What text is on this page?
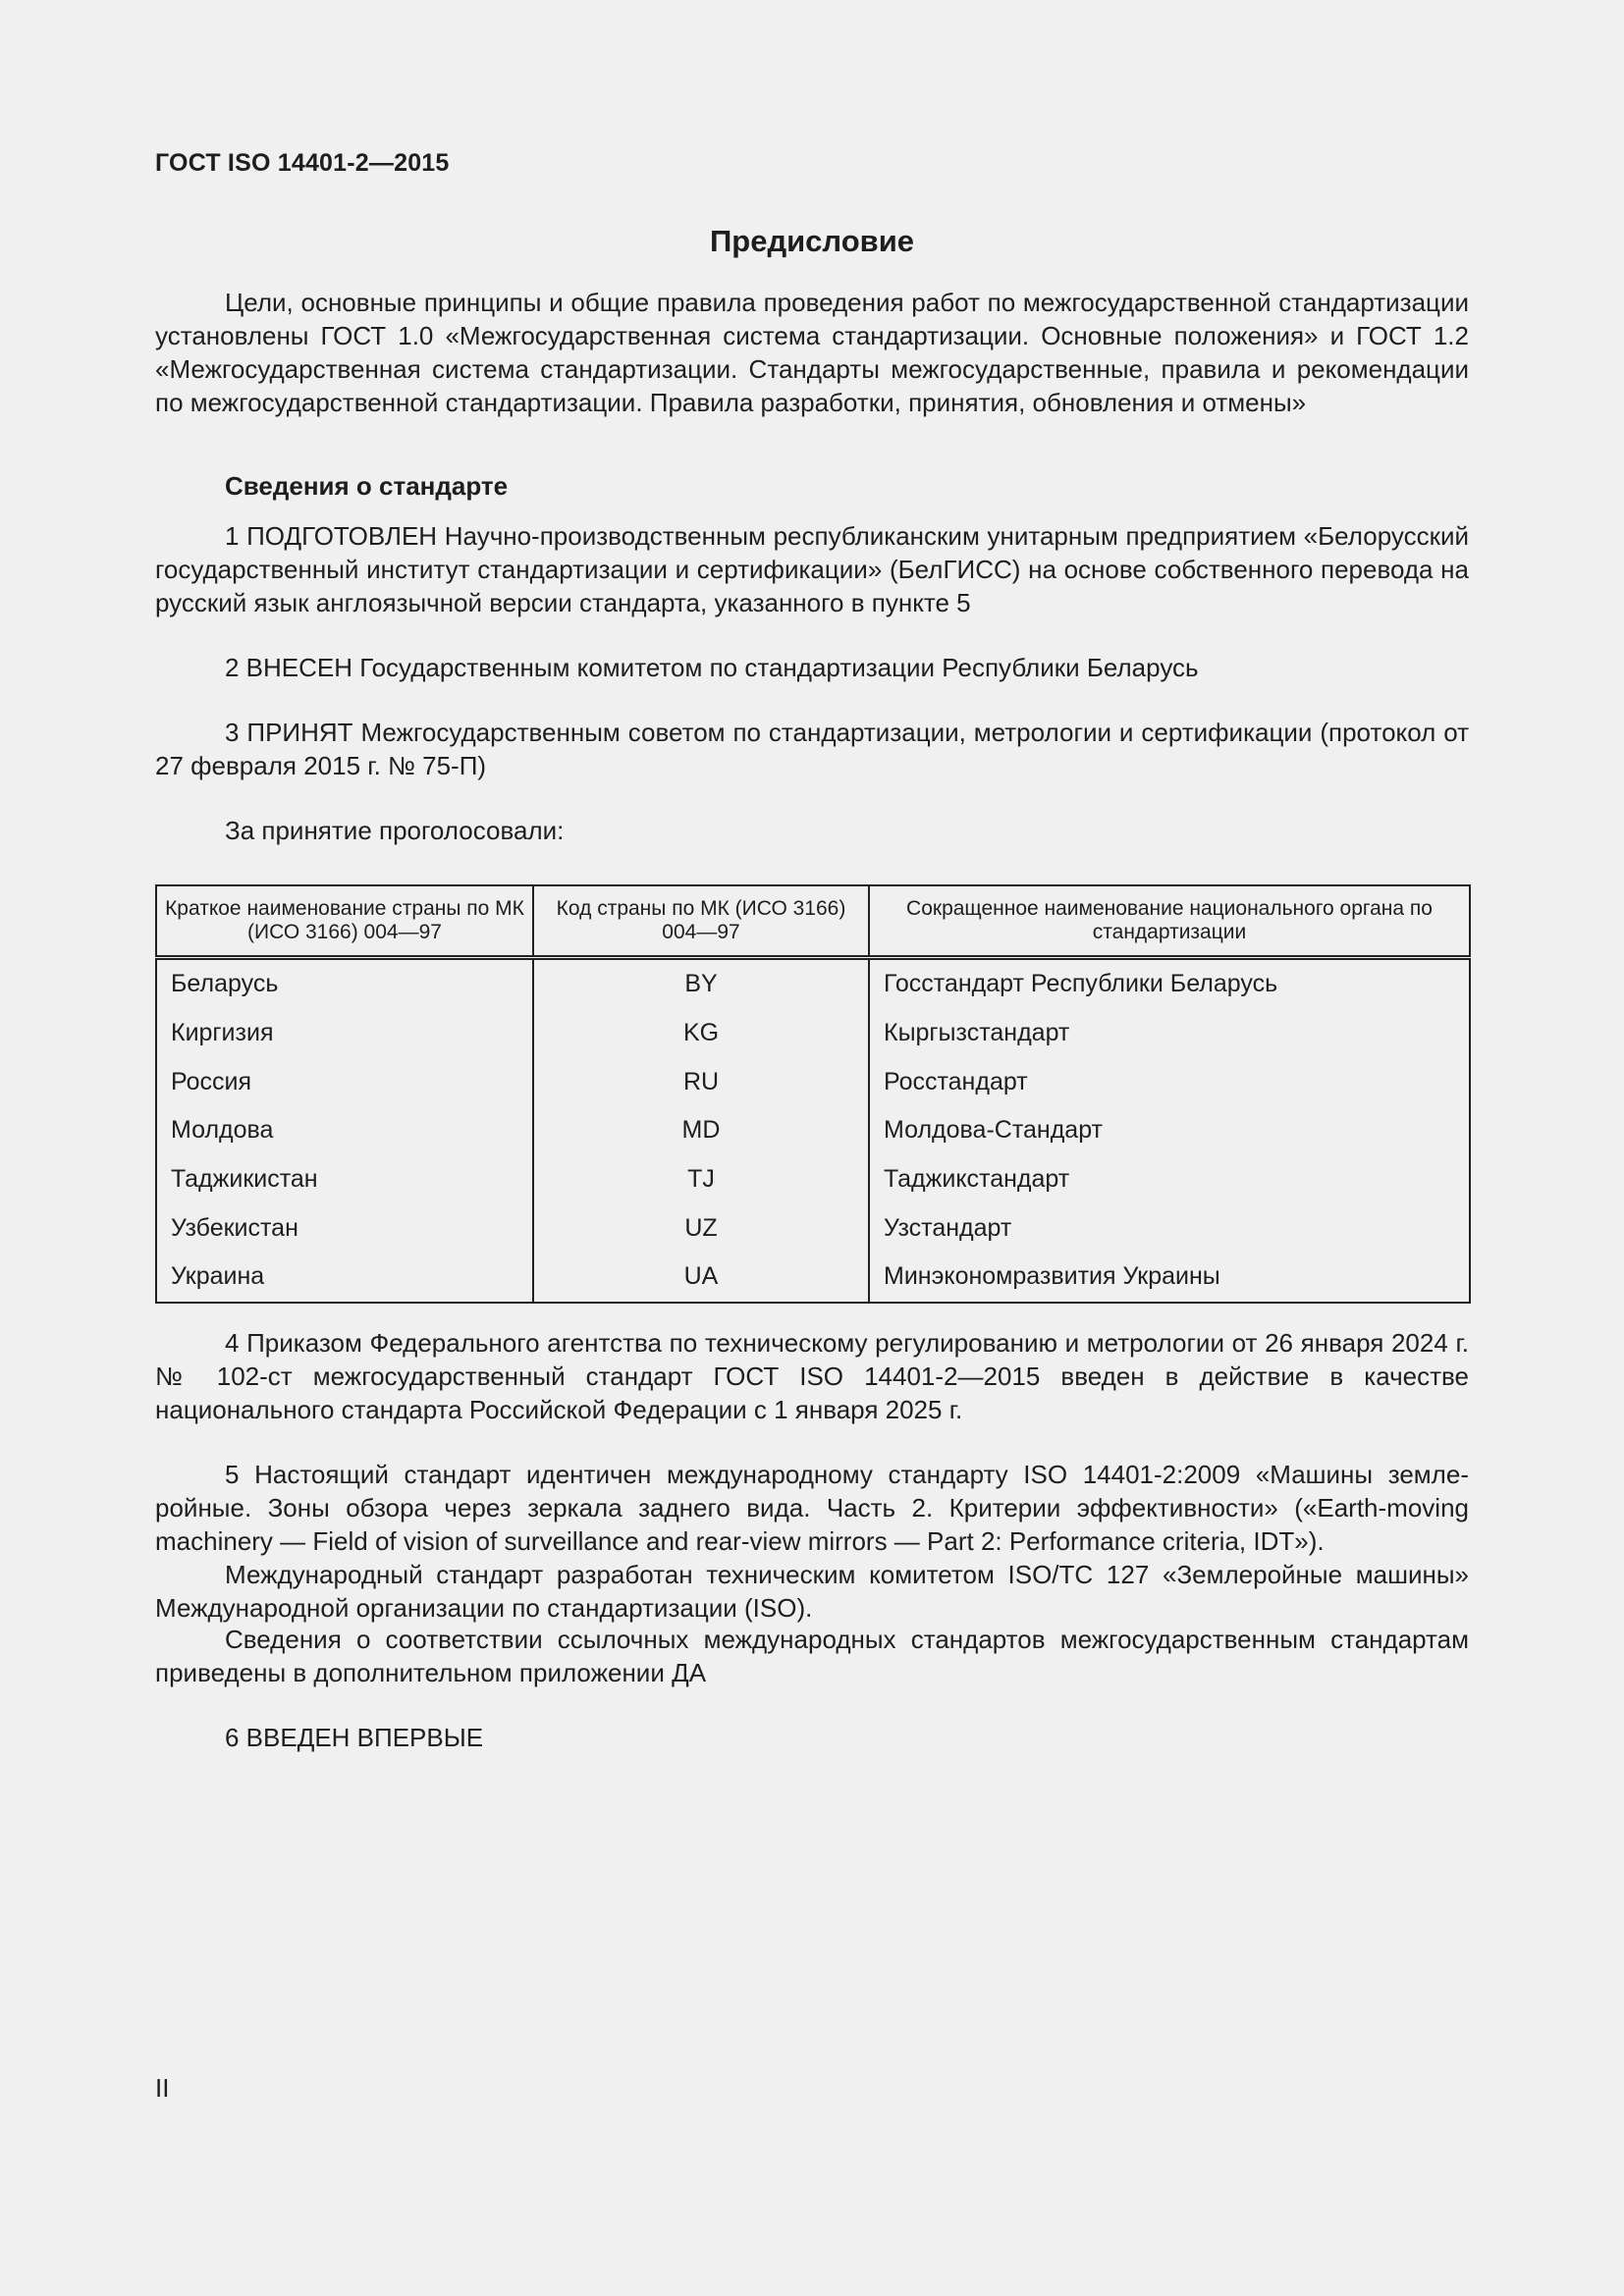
ГОСТ ISO 14401-2—2015
Предисловие

Цели, основные принципы и общие правила проведения работ по межгосударственной стандартизации установлены ГОСТ 1.0 «Межгосударственная система стандартизации. Основные положения» и ГОСТ 1.2 «Межгосударственная система стандартизации. Стандарты межгосударственные, правила и рекомендации по межгосударственной стандартизации. Правила разработки, принятия, обновления и отмены»

Сведения о стандарте

1 ПОДГОТОВЛЕН Научно-производственным республиканским унитарным предприятием «Белорусский государственный институт стандартизации и сертификации» (БелГИСС) на основе собственного перевода на русский язык англоязычной версии стандарта, указанного в пункте 5

2 ВНЕСЕН Государственным комитетом по стандартизации Республики Беларусь

3 ПРИНЯТ Межгосударственным советом по стандартизации, метрологии и сертификации (протокол от 27 февраля 2015 г. № 75-П)

За принятие проголосовали:

Краткое наименование страны по МК (ИСО 3166) 004—97	Код страны по МК (ИСО 3166) 004—97	Сокращенное наименование национального органа по стандартизации
Беларусь	BY	Госстандарт Республики Беларусь
Киргизия	KG	Кыргызстандарт
Россия	RU	Росстандарт
Молдова	MD	Молдова-Стандарт
Таджикистан	TJ	Таджикстандарт
Узбекистан	UZ	Узстандарт
Украина	UA	Минэкономразвития Украины

4 Приказом Федерального агентства по техническому регулированию и метрологии от 26 января 2024 г. № 102-ст межгосударственный стандарт ГОСТ ISO 14401-2—2015 введен в действие в качестве национального стандарта Российской Федерации с 1 января 2025 г.

5 Настоящий стандарт идентичен международному стандарту ISO 14401-2:2009 «Машины землеройные. Зоны обзора через зеркала заднего вида. Часть 2. Критерии эффективности» («Earth-moving machinery — Field of vision of surveillance and rear-view mirrors — Part 2: Performance criteria, IDT»).

Международный стандарт разработан техническим комитетом ISO/TC 127 «Землеройные машины» Международной организации по стандартизации (ISO).

Сведения о соответствии ссылочных международных стандартов межгосударственным стандартам приведены в дополнительном приложении ДА

6 ВВЕДЕН ВПЕРВЫЕ

II
